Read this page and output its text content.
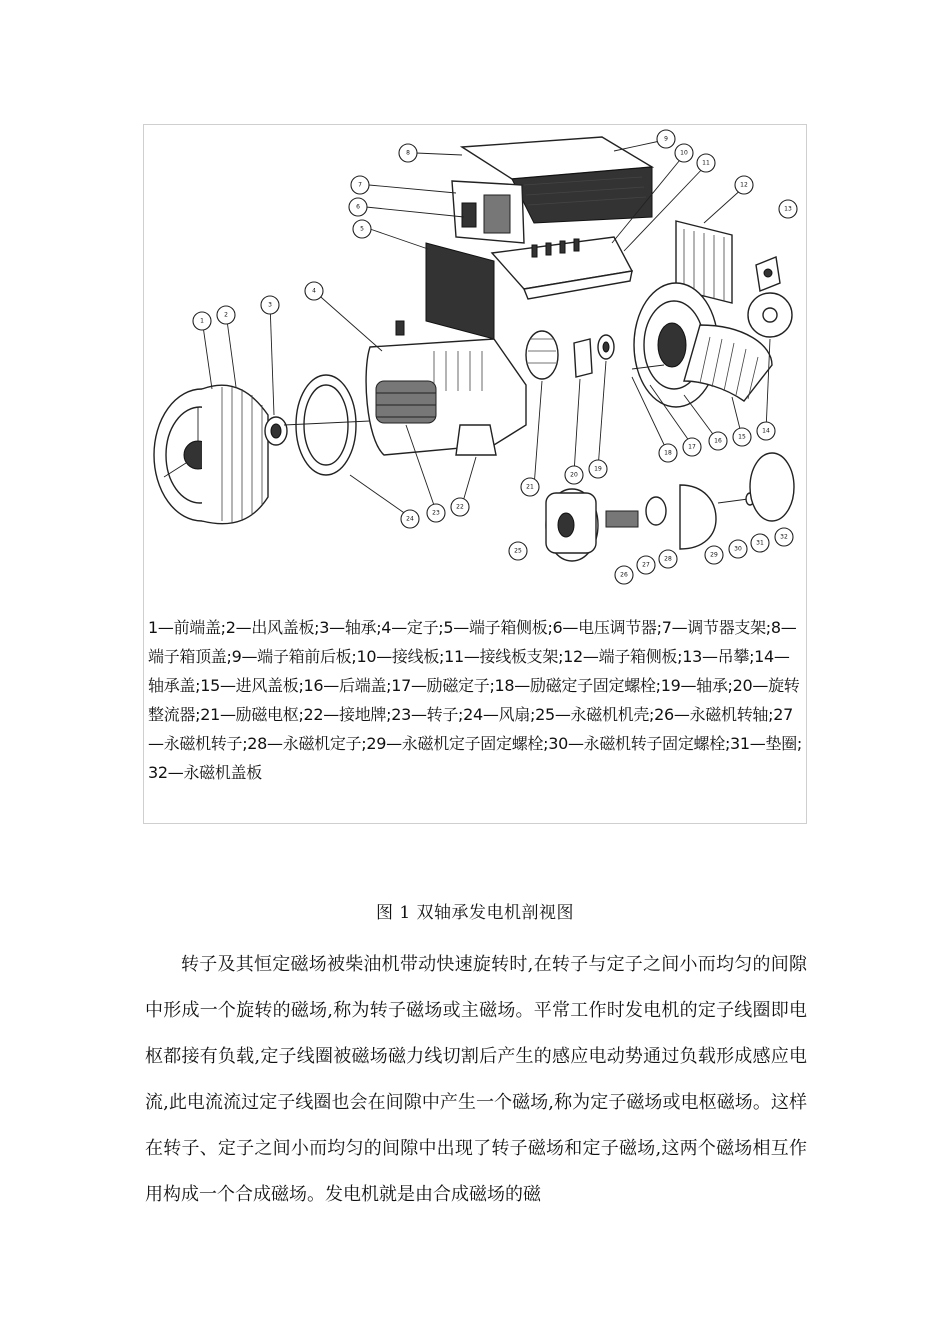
1
2
3
4
5
6
7
8
9
10
11
12
13
14
15
16
17
18
19
20
21
22
23
24
25
26
27
28
29
30
31
32
1—前端盖;2—出风盖板;3—轴承;4—定子;5—端子箱侧板;6—电压调节器;7—调节器支架;8—端子箱顶盖;9—端子箱前后板;10—接线板;11—接线板支架;12—端子箱侧板;13—吊攀;14—轴承盖;15—进风盖板;16—后端盖;17—励磁定子;18—励磁定子固定螺栓;19—轴承;20—旋转整流器;21—励磁电枢;22—接地牌;23—转子;24—风扇;25—永磁机机壳;26—永磁机转轴;27—永磁机转子;28—永磁机定子;29—永磁机定子固定螺栓;30—永磁机转子固定螺栓;31—垫圈;32—永磁机盖板
图 1 双轴承发电机剖视图

转子及其恒定磁场被柴油机带动快速旋转时,在转子与定子之间小而均匀的间隙中形成一个旋转的磁场,称为转子磁场或主磁场。平常工作时发电机的定子线圈即电枢都接有负载,定子线圈被磁场磁力线切割后产生的感应电动势通过负载形成感应电流,此电流流过定子线圈也会在间隙中产生一个磁场,称为定子磁场或电枢磁场。这样在转子、定子之间小而均匀的间隙中出现了转子磁场和定子磁场,这两个磁场相互作用构成一个合成磁场。发电机就是由合成磁场的磁
